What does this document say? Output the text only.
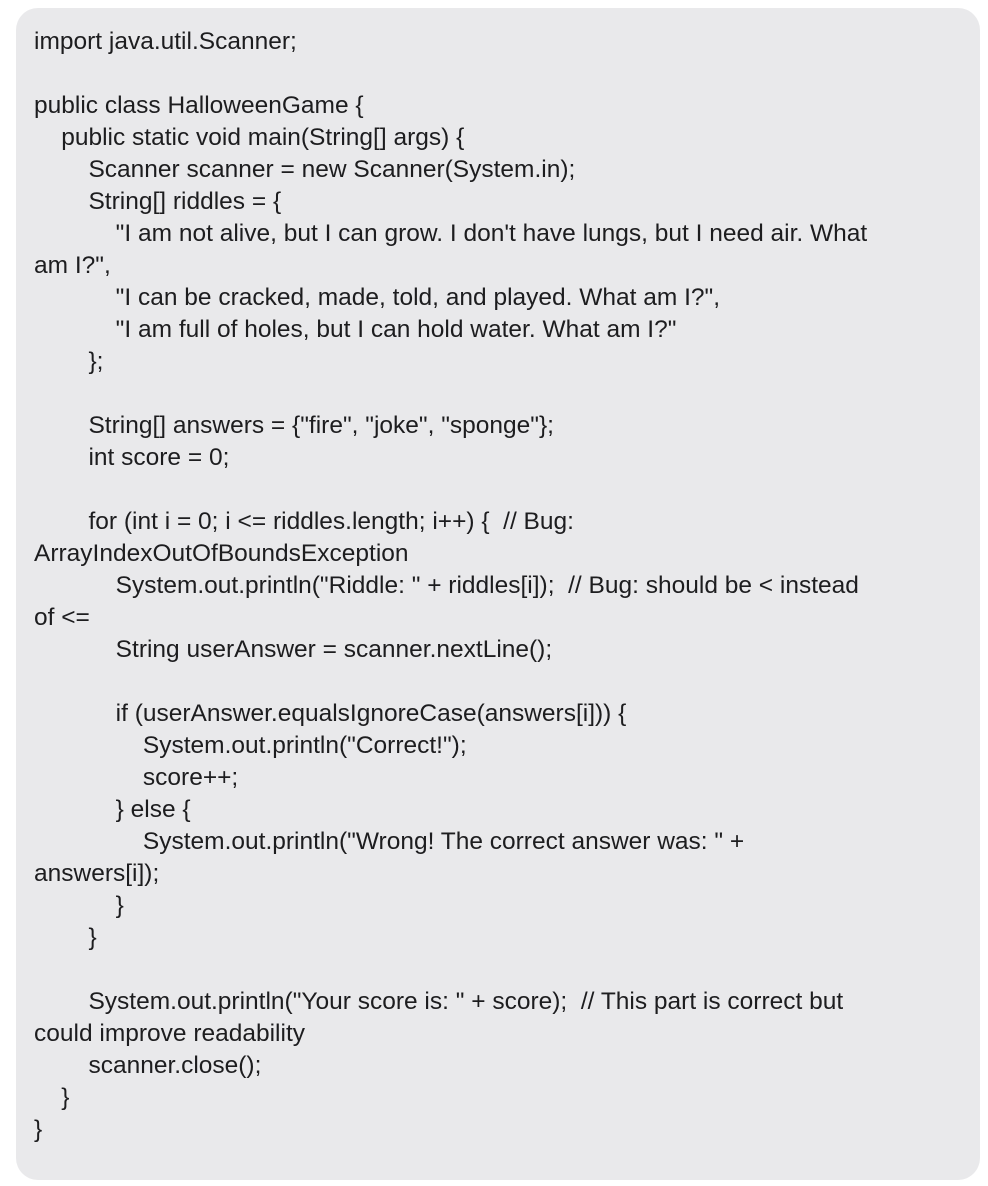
import java.util.Scanner;
public class HalloweenGame {
public static void main(String[] args) {
Scanner scanner = new Scanner(System.in);
String[] riddles = {
"I am not alive, but I can grow. I don't have lungs, but I need air. What
am I?",
"I can be cracked, made, told, and played. What am I?",
"I am full of holes, but I can hold water. What am I?"
};
String[] answers = {"fire", "joke", "sponge"};
int score = 0;
for (int i = 0; i <= riddles.length; i++) {  // Bug:
ArrayIndexOutOfBoundsException
System.out.println("Riddle: " + riddles[i]);  // Bug: should be < instead
of <=
String userAnswer = scanner.nextLine();
if (userAnswer.equalsIgnoreCase(answers[i])) {
System.out.println("Correct!");
score++;
} else {
System.out.println("Wrong! The correct answer was: " +
answers[i]);
}
}
System.out.println("Your score is: " + score);  // This part is correct but
could improve readability
scanner.close();
}
}
